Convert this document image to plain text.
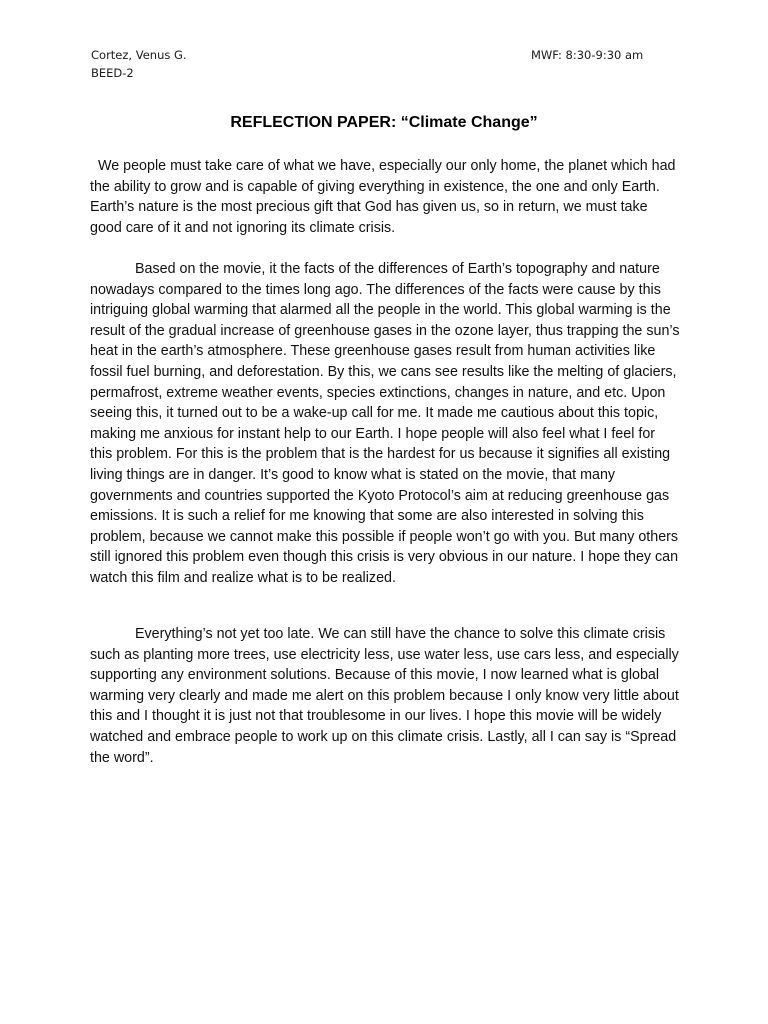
Cortez, Venus G.
BEED-2
MWF: 8:30-9:30 am
REFLECTION PAPER: “Climate Change”

We people must take care of what we have, especially our only home, the planet which had the ability to grow and is capable of giving everything in existence, the one and only Earth. Earth’s nature is the most precious gift that God has given us, so in return, we must take good care of it and not ignoring its climate crisis.

Based on the movie, it the facts of the differences of Earth’s topography and nature nowadays compared to the times long ago. The differences of the facts were cause by this intriguing global warming that alarmed all the people in the world. This global warming is the result of the gradual increase of greenhouse gases in the ozone layer, thus trapping the sun’s heat in the earth’s atmosphere. These greenhouse gases result from human activities like fossil fuel burning, and deforestation. By this, we cans see results like the melting of glaciers, permafrost, extreme weather events, species extinctions, changes in nature, and etc. Upon seeing this, it turned out to be a wake-up call for me. It made me cautious about this topic, making me anxious for instant help to our Earth. I hope people will also feel what I feel for this problem. For this is the problem that is the hardest for us because it signifies all existing living things are in danger. It’s good to know what is stated on the movie, that many governments and countries supported the Kyoto Protocol’s aim at reducing greenhouse gas emissions. It is such a relief for me knowing that some are also interested in solving this problem, because we cannot make this possible if people won’t go with you. But many others still ignored this problem even though this crisis is very obvious in our nature. I hope they can watch this film and realize what is to be realized.

Everything’s not yet too late. We can still have the chance to solve this climate crisis such as planting more trees, use electricity less, use water less, use cars less, and especially supporting any environment solutions. Because of this movie, I now learned what is global warming very clearly and made me alert on this problem because I only know very little about this and I thought it is just not that troublesome in our lives. I hope this movie will be widely watched and embrace people to work up on this climate crisis. Lastly, all I can say is “Spread the word”.
